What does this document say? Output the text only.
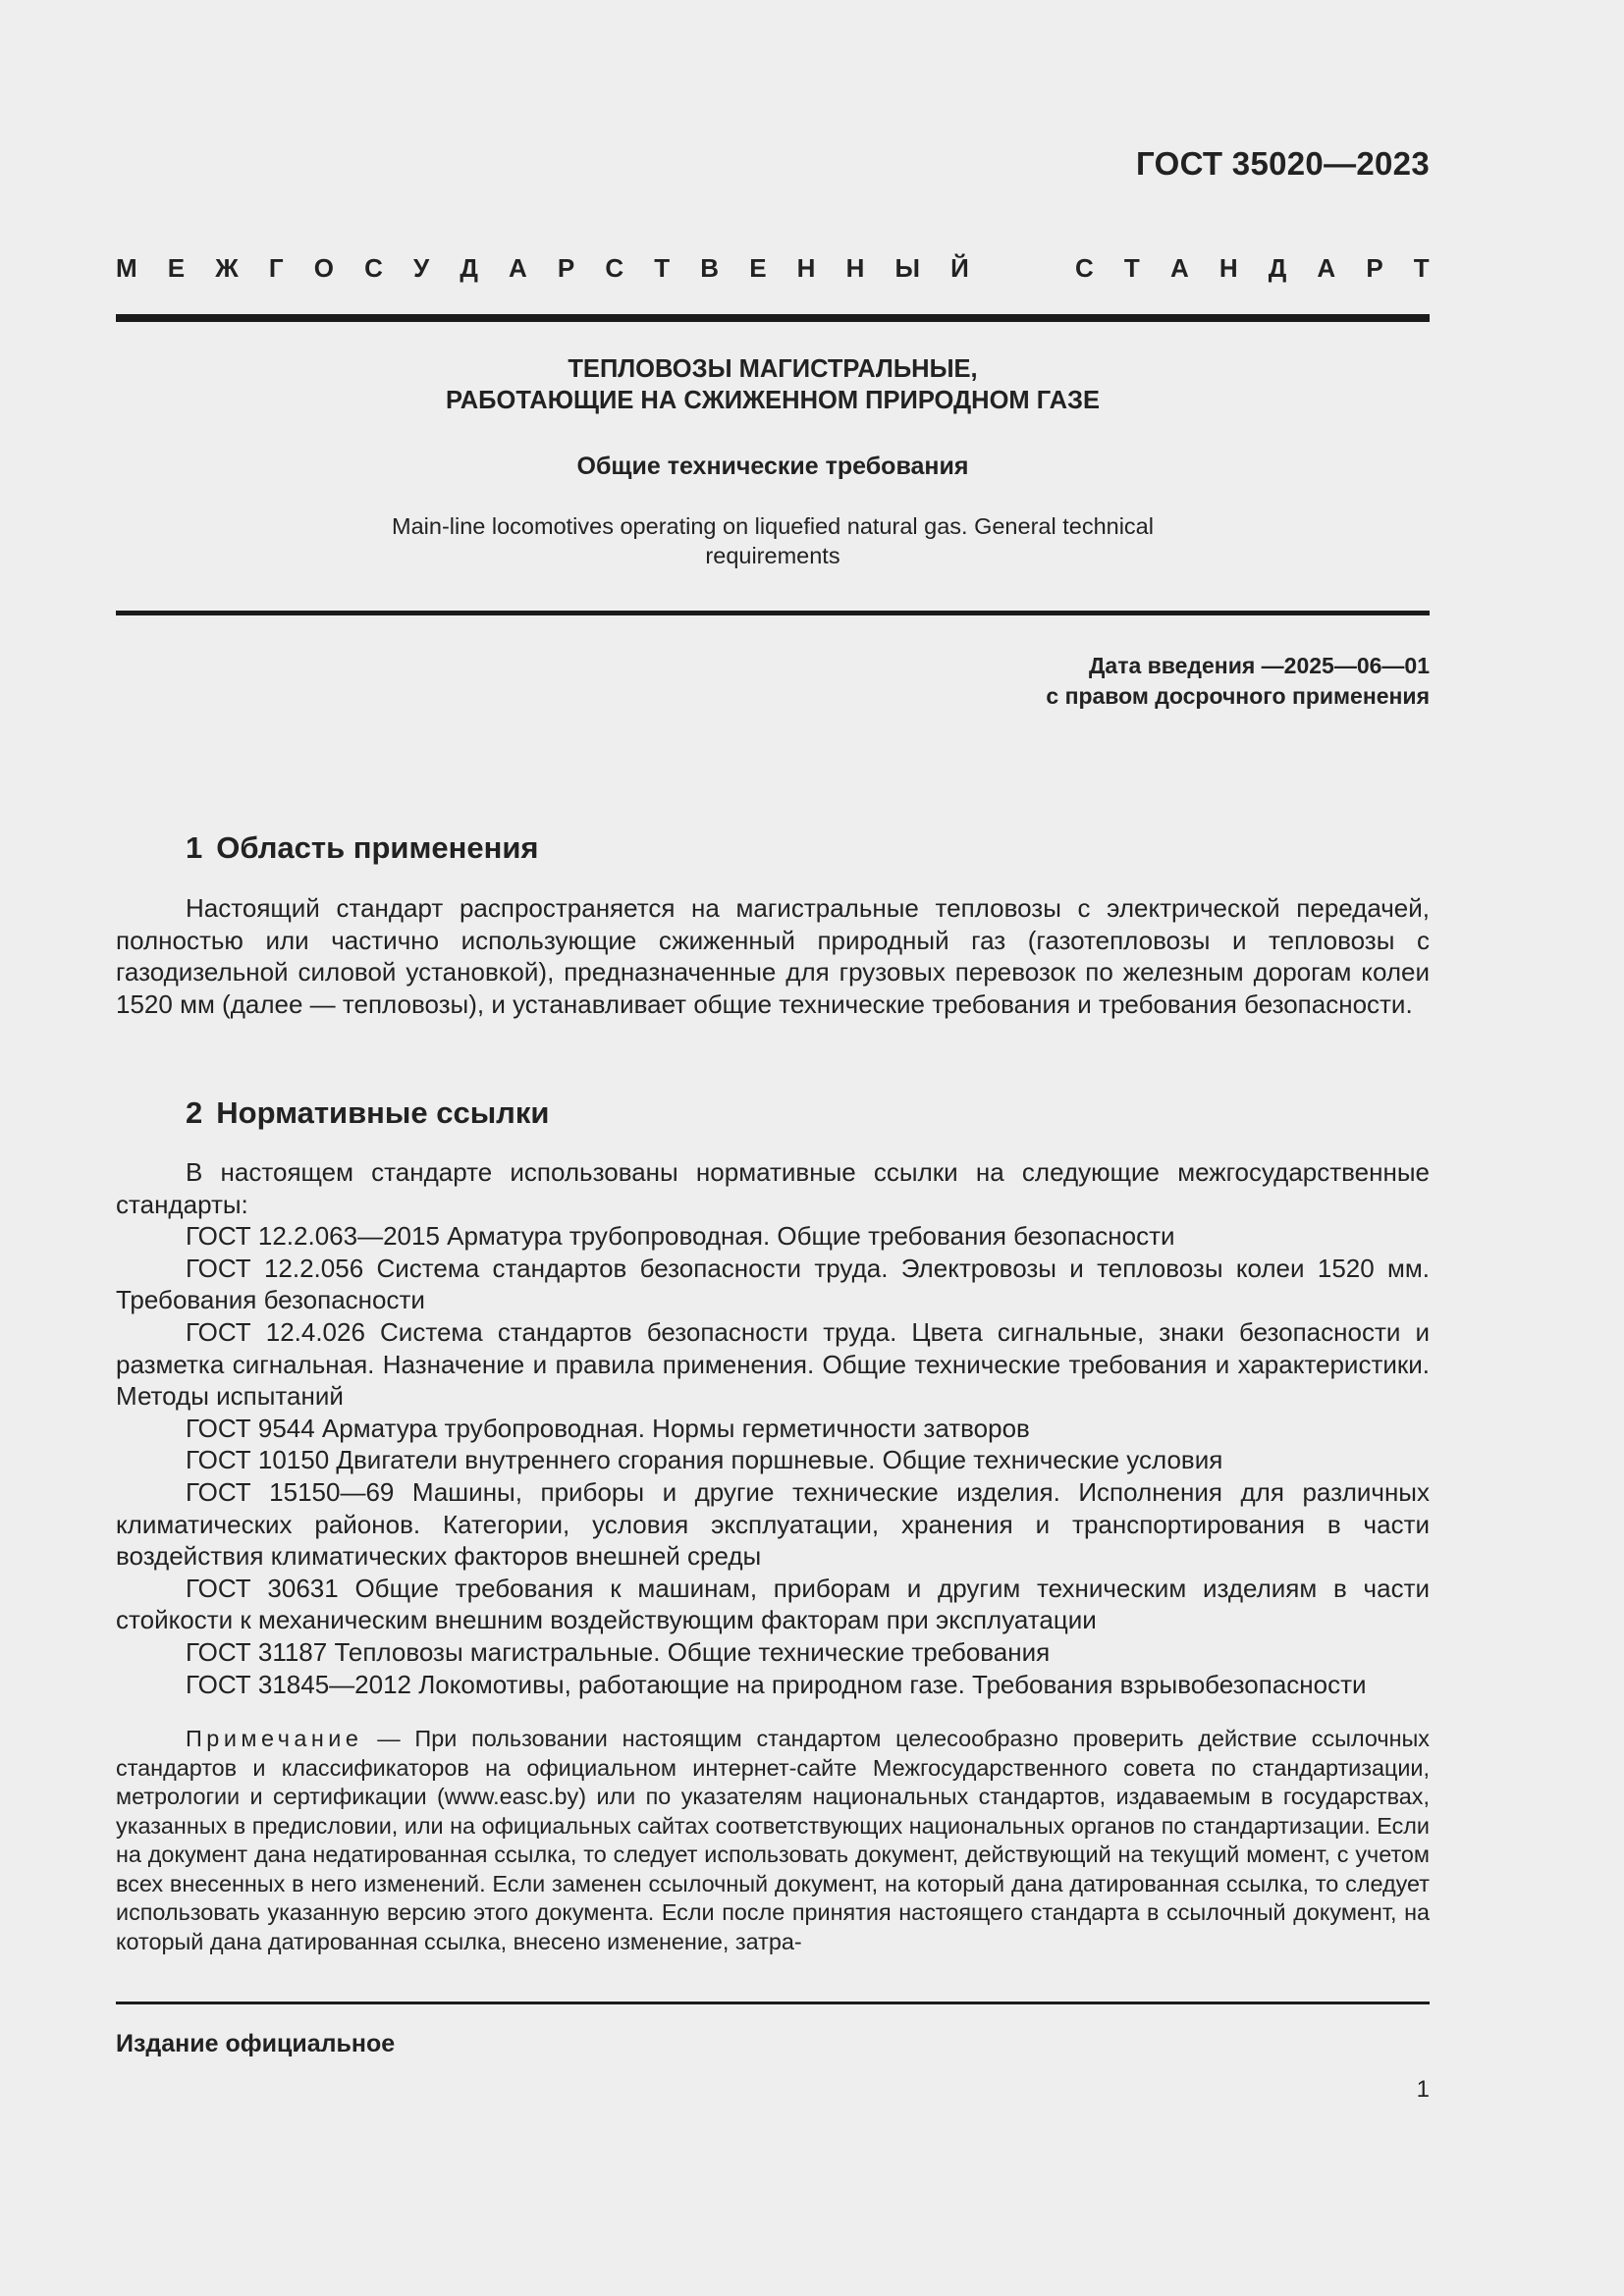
ГОСТ 35020—2023
М Е Ж Г О С У Д А Р С Т В Е Н Н Ы Й	С Т А Н Д А Р Т
ТЕПЛОВОЗЫ МАГИСТРАЛЬНЫЕ,
РАБОТАЮЩИЕ НА СЖИЖЕННОМ ПРИРОДНОМ ГАЗЕ
Общие технические требования
Main-line locomotives operating on liquefied natural gas. General technical
requirements
Дата введения —2025—06—01
с правом досрочного применения
1 Область применения

Настоящий стандарт распространяется на магистральные тепловозы с электрической передачей, полностью или частично использующие сжиженный природный газ (газотепловозы и тепловозы с газодизельной силовой установкой), предназначенные для грузовых перевозок по железным дорогам колеи 1520 мм (далее — тепловозы), и устанавливает общие технические требования и требования безопасности.

2 Нормативные ссылки

В настоящем стандарте использованы нормативные ссылки на следующие межгосударственные стандарты:

ГОСТ 12.2.063—2015 Арматура трубопроводная. Общие требования безопасности

ГОСТ 12.2.056 Система стандартов безопасности труда. Электровозы и тепловозы колеи 1520 мм. Требования безопасности

ГОСТ 12.4.026 Система стандартов безопасности труда. Цвета сигнальные, знаки безопасности и разметка сигнальная. Назначение и правила применения. Общие технические требования и характеристики. Методы испытаний

ГОСТ 9544 Арматура трубопроводная. Нормы герметичности затворов

ГОСТ 10150 Двигатели внутреннего сгорания поршневые. Общие технические условия

ГОСТ 15150—69 Машины, приборы и другие технические изделия. Исполнения для различных климатических районов. Категории, условия эксплуатации, хранения и транспортирования в части воздействия климатических факторов внешней среды

ГОСТ 30631 Общие требования к машинам, приборам и другим техническим изделиям в части стойкости к механическим внешним воздействующим факторам при эксплуатации

ГОСТ 31187 Тепловозы магистральные. Общие технические требования

ГОСТ 31845—2012 Локомотивы, работающие на природном газе. Требования взрывобезопасности

Примечание — При пользовании настоящим стандартом целесообразно проверить действие ссылочных стандартов и классификаторов на официальном интернет-сайте Межгосударственного совета по стандартизации, метрологии и сертификации (www.easc.by) или по указателям национальных стандартов, издаваемым в государствах, указанных в предисловии, или на официальных сайтах соответствующих национальных органов по стандартизации. Если на документ дана недатированная ссылка, то следует использовать документ, действующий на текущий момент, с учетом всех внесенных в него изменений. Если заменен ссылочный документ, на который дана датированная ссылка, то следует использовать указанную версию этого документа. Если после принятия настоящего стандарта в ссылочный документ, на который дана датированная ссылка, внесено изменение, затра-

Издание официальное
1
